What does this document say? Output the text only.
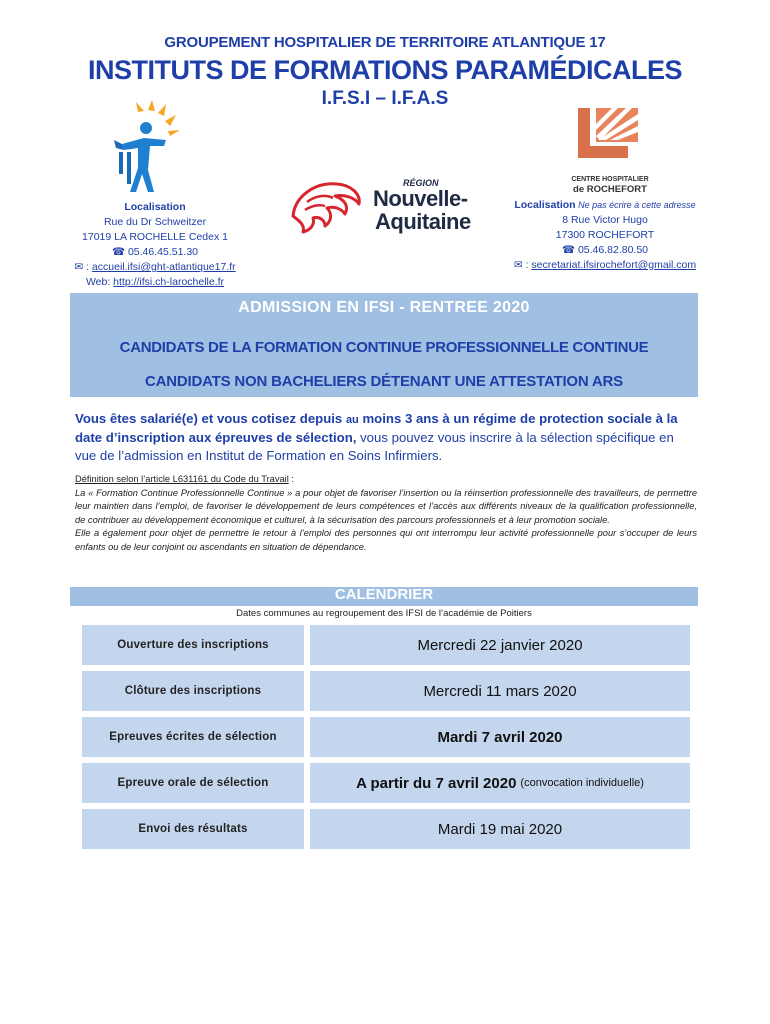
GROUPEMENT HOSPITALIER DE TERRITOIRE ATLANTIQUE 17
INSTITUTS DE FORMATIONS PARAMÉDICALES
I.F.S.I – I.F.A.S
RÉGION
Nouvelle-
Aquitaine
CENTRE HOSPITALIER
de ROCHEFORT
Localisation
Rue du Dr Schweitzer
17019 LA ROCHELLE Cedex 1
☎ 05.46.45.51.30
✉ : accueil.ifsi@ght-atlantique17.fr
Web: http://ifsi.ch-larochelle.fr
Localisation Ne pas écrire à cette adresse
8 Rue Victor Hugo
17300 ROCHEFORT
☎ 05.46.82.80.50
✉ : secretariat.ifsirochefort@gmail.com
ADMISSION EN IFSI - RENTREE 2020
CANDIDATS DE LA FORMATION CONTINUE PROFESSIONNELLE CONTINUE
CANDIDATS NON BACHELIERS DÉTENANT UNE ATTESTATION ARS
Vous êtes salarié(e) et vous cotisez depuis au moins 3 ans à un régime de protection sociale à la date d’inscription aux épreuves de sélection, vous pouvez vous inscrire à la sélection spécifique en vue de l’admission en Institut de Formation en Soins Infirmiers.
Définition selon l’article L631161 du Code du Travail :
La « Formation Continue Professionnelle Continue » a pour objet de favoriser l’insertion ou la réinsertion professionnelle des travailleurs, de permettre leur maintien dans l’emploi, de favoriser le développement de leurs compétences et l’accès aux différents niveaux de la qualification professionnelle, de contribuer au développement économique et culturel, à la sécurisation des parcours professionnels et à leur promotion sociale.
Elle a également pour objet de permettre le retour à l’emploi des personnes qui ont interrompu leur activité professionnelle pour s’occuper de leurs enfants ou de leur conjoint ou ascendants en situation de dépendance.
CALENDRIER
Dates communes au regroupement des IFSI de l’académie de Poitiers
Ouverture des inscriptions	Mercredi 22 janvier 2020
Clôture des inscriptions	Mercredi 11 mars 2020
Epreuves écrites de sélection	Mardi 7 avril 2020
Epreuve orale de sélection	A partir du 7 avril 2020 (convocation individuelle)
Envoi des résultats	Mardi 19 mai 2020
